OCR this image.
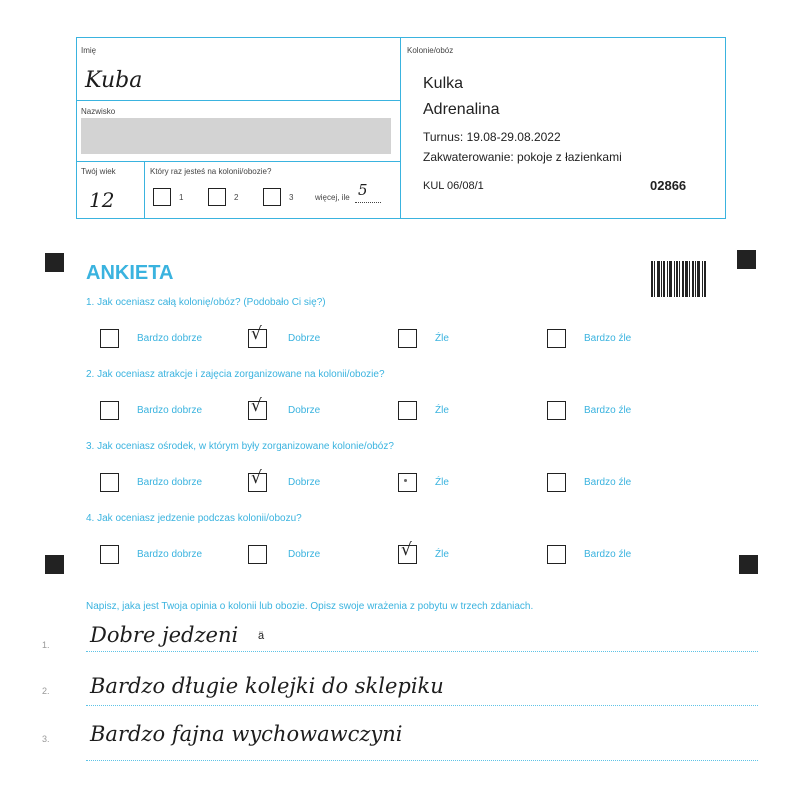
Imię
Kuba
Nazwisko
Twój wiek
12
Który raz jesteś na kolonii/obozie?
1	2	3	więcej, ile 5
Kolonie/obóz
Kulka
Adrenalina
Turnus: 19.08-29.08.2022
Zakwaterowanie: pokoje z łazienkami
KUL 06/08/1	02866
ANKIETA
1. Jak oceniasz całą kolonię/obóz? (Podobało Ci się?)
2. Jak oceniasz atrakcje i zajęcia zorganizowane na kolonii/obozie?
3. Jak oceniasz ośrodek, w którym były zorganizowane kolonie/obóz?
4. Jak oceniasz jedzenie podczas kolonii/obozu?
Bardzo dobrze	√	Dobrze	Źle	Bardzo źle
Bardzo dobrze	√	Dobrze	Źle	Bardzo źle
Bardzo dobrze	√	Dobrze	Źle	Bardzo źle
Bardzo dobrze	Dobrze	√ Źle	Bardzo źle
Napisz, jaka jest Twoja opinia o kolonii lub obozie. Opisz swoje wrażenia z pobytu w trzech zdaniach.
1. Dobre jedzeni ä
2. Bardzo długie kolejki do sklepiku
3. Bardzo fajna wychowawczyni
